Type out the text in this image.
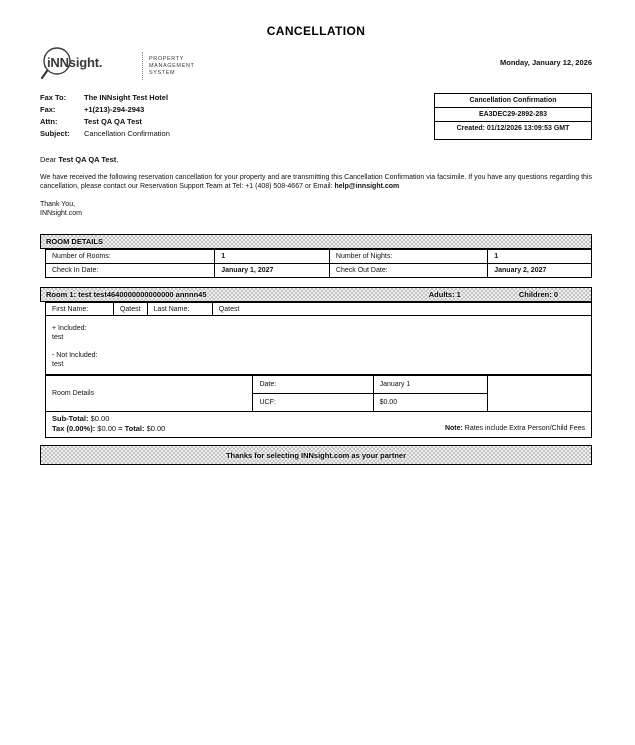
CANCELLATION
iNNsight.	PROPERTY
MANAGEMENT
SYSTEM
Monday, January 12, 2026
Fax To:	The INNsight Test Hotel
Fax:	+1(213)-294-2943
Attn:	Test QA QA Test
Subject:	Cancellation Confirmation
Cancellation Confirmation
EA3DEC29-2892-283
Created: 01/12/2026 13:09:53 GMT
Dear Test QA QA Test,
We have received the following reservation cancellation for your property and are transmitting this Cancellation Confirmation via facsimile. If you have any questions regarding this cancellation, please contact our Reservation Support Team at Tel: +1 (408) 508-4667 or Email: help@innsight.com
Thank You,
INNsight.com
ROOM DETAILS
Number of Rooms:	1	Number of Nights:	1
Check In Date:	January 1, 2027	Check Out Date:	January 2, 2027
Room 1: test test4640000000000000 annnn45	Adults: 1	Children: 0
First Name:	Qatest	Last Name:	Qatest
+ Included:
test
- Not Included:
test
Room Details	Date:	January 1	
	UCF:	$0.00	
Sub-Total: $0.00
Tax (0.00%): $0.00 = Total: $0.00	Note: Rates include Extra Person/Child Fees
Thanks for selecting INNsight.com as your partner
